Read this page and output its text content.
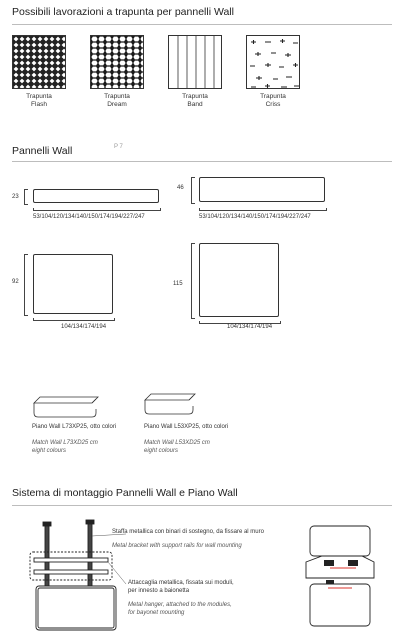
Possibili lavorazioni a trapunta per pannelli Wall
Trapunta
Flash
Trapunta
Dream
Trapunta
Band
Trapunta
Criss
Pannelli Wall	P 7
23
53/104/120/134/140/150/174/194/227/247
46
53/104/120/134/140/150/174/194/227/247
92
104/134/174/194
115
104/134/174/194
Piano Wall L73XP25, otto colori
Match Wall L73XD25 cm
eight colours
Piano Wall L53XP25, otto colori
Match Wall L53XD25 cm
eight colours
Sistema di montaggio Pannelli Wall e Piano Wall
Staffa metallica con binari di sostegno, da fissare al muro
Metal bracket with support rails for wall mounting
Attaccaglia metallica, fissata sui moduli,
per innesto a baionetta
Metal hanger, attached to the modules,
for bayonet mounting
